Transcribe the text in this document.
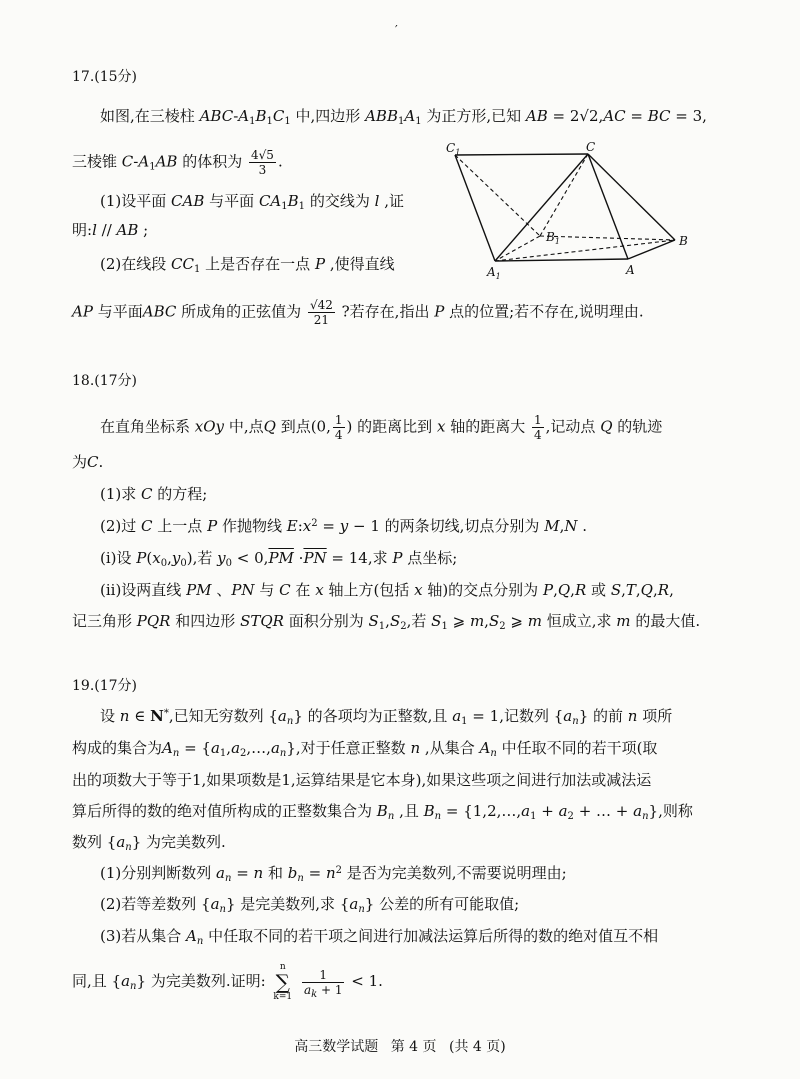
′
17.(15分)
如图,在三棱柱 ABC-$A_1B_1C_1$ 中,四边形 $ABB_1A_1$ 为正方形,已知 AB = 2√2,AC = BC = 3,
三棱锥 $C-A_1AB$ 的体积为 $\frac{4√5}{3}$ .
(1)设平面 CAB 与平面 $CA_1B_1$ 的交线为 l ,证
明:l // AB ;
(2)在线段 $CC_1$ 上是否存在一点 P ,使得直线
AP 与平面ABC 所成角的正弦值为 $\frac{√42}{21}$ ?若存在,指出 P 点的位置;若不存在,说明理由.
$C_1$	C
$B_1$	B
$A_1$	A
18.(17分)
在直角坐标系 xOy 中,点Q 到点(0, $\frac{1}{4}$ ) 的距离比到 x 轴的距离大 $\frac{1}{4}$ ,记动点 Q 的轨迹
为C.
(1)求 C 的方程;
(2)过 C 上一点 P 作抛物线 $E:x^2 = y - 1$ 的两条切线,切点分别为 M,N .
(i)设 $P(x_0,y_0)$,若 $y_0 < 0,\overline{PM} \cdot\overline{PN} = 14$,求 P 点坐标;
(ii)设两直线 PM 、PN 与 C 在 x 轴上方(包括 x 轴)的交点分别为 P,Q,R 或 S,T,Q,R,
记三角形 PQR 和四边形 STQR 面积分别为 $S_1,S_2$,若 $S_1$ ⩾ $m,S_2$ ⩾ m 恒成立,求 m 的最大值.
19.(17分)
设 n ∈ N*,已知无穷数列 $\{a_n\}$ 的各项均为正整数,且 $a_1 = 1$,记数列 $\{a_n\}$ 的前 n 项所
构成的集合为$A_n$ = $\{a_1,a_2,\dots,a_n\}$,对于任意正整数 n ,从集合 $A_n$ 中任取不同的若干项(取
出的项数大于等于1,如果项数是1,运算结果是它本身),如果这些项之间进行加法或减法运
算后所得的数的绝对值所构成的正整数集合为 $B_n$ ,且 $B_n$ = {$1,2,\dots,a_1 + a_2$ + … + $a_n$},则称
数列 $\{a_n\}$ 为完美数列.
(1)分别判断数列 $a_n = n$ 和 $b_n = n^2$ 是否为完美数列,不需要说明理由;
(2)若等差数列 $\{a_n\}$ 是完美数列,求 $\{a_n\}$ 公差的所有可能取值;
(3)若从集合 $A_n$ 中任取不同的若干项之间进行加减法运算后所得的数的绝对值互不相
同,且 $\{a_n\}$ 为完美数列.证明:
n
∑
k=1

$\frac{1}{a_k + 1} < 1$.
高三数学试题 第 4 页 (共 4 页)
